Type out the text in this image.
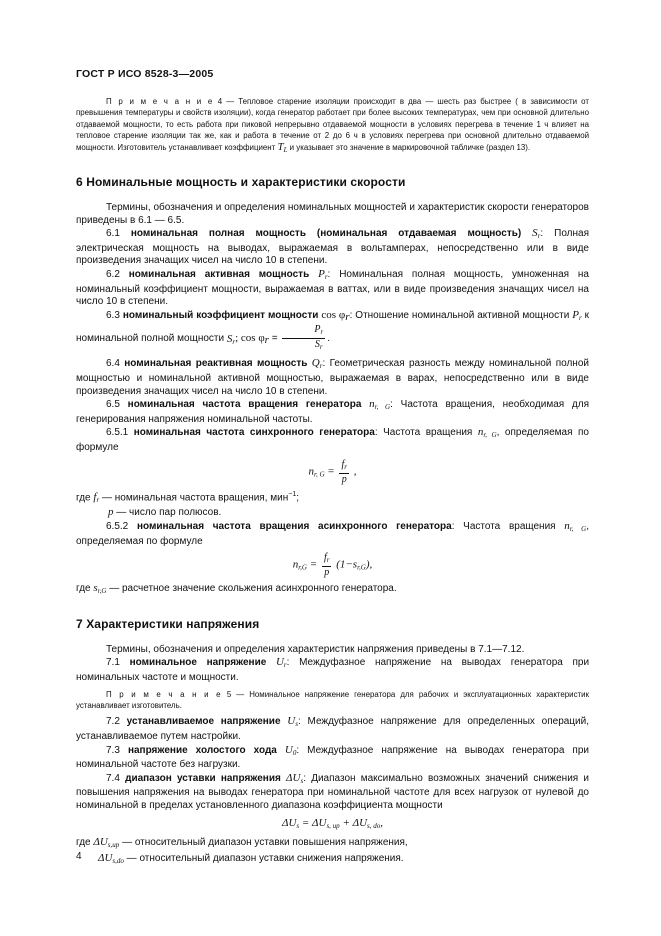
ГОСТ Р ИСО 8528-3—2005

П р и м е ч а н и е 4 — Тепловое старение изоляции происходит в два — шесть раз быстрее ( в зависимости от превышения температуры и свойств изоляции), когда генератор работает при более высоких температурах, чем при основной длительно отдаваемой мощности, то есть работа при пиковой непрерывно отдаваемой мощности в условиях перегрева в течение 1 ч влияет на тепловое старение изоляции так же, как и работа в течение от 2 до 6 ч в условиях перегрева при основной длительно отдаваемой мощности. Изготовитель устанавливает коэффициент $T_L$ и указывает это значение в маркировочной табличке (раздел 13).

6 Номинальные мощность и характеристики скорости

Термины, обозначения и определения номинальных мощностей и характеристик скорости генераторов приведены в 6.1 — 6.5.

6.1 номинальная полная мощность (номинальная отдаваемая мощность) $S_r$: Полная электрическая мощность на выводах, выражаемая в вольтамперах, непосредственно или в виде произведения значащих чисел на число 10 в степени.

6.2 номинальная активная мощность $P_r$: Номинальная полная мощность, умноженная на номинальный коэффициент мощности, выражаемая в ваттах, или в виде произведения значащих чисел на число 10 в степени.

6.3 номинальный коэффициент мощности $\cos \varphi_r$: Отношение номинальной активной мощности $P_r$ к номинальной полной мощности $S_r$; $\cos \varphi_r = \frac{P_r}{S_r}$ .

6.4 номинальная реактивная мощность $Q_r$: Геометрическая разность между номинальной полной мощностью и номинальной активной мощностью, выражаемая в варах, непосредственно или в виде произведения значащих чисел на число 10 в степени.

6.5 номинальная частота вращения генератора $n_{r, G}$: Частота вращения, необходимая для генерирования напряжения номинальной частоты.

6.5.1 номинальная частота синхронного генератора: Частота вращения $n_{r, G}$, определяемая по формуле

$n_{r, G} = \frac{f_r}{p}$ ,

где $f_r$ — номинальная частота вращения, мин$^{-1}$;

p — число пар полюсов.

6.5.2 номинальная частота вращения асинхронного генератора: Частота вращения $n_{r, G}$, определяемая по формуле

$n_{r,G} = \frac{f_r}{p} (1-s_{r,G})$,

где $s_{r,G}$ — расчетное значение скольжения асинхронного генератора.

7 Характеристики напряжения

Термины, обозначения и определения характеристик напряжения приведены в 7.1—7.12.

7.1 номинальное напряжение $U_r$: Междуфазное напряжение на выводах генератора при номинальных частоте и мощности.

П р и м е ч а н и е 5 — Номинальное напряжение генератора для рабочих и эксплуатационных характеристик устанавливает изготовитель.

7.2 устанавливаемое напряжение $U_s$: Междуфазное напряжение для определенных операций, устанавливаемое путем настройки.

7.3 напряжение холостого хода $U_0$: Междуфазное напряжение на выводах генератора при номинальной частоте без нагрузки.

7.4 диапазон уставки напряжения $\Delta U_s$: Диапазон максимально возможных значений снижения и повышения напряжения на выводах генератора при номинальной частоте для всех нагрузок от нулевой до номинальной в пределах установленного диапазона коэффициента мощности

$\Delta U_s = \Delta U_{s, up} + \Delta U_{s, do}$,

где $\Delta U_{s,up}$ — относительный диапазон уставки повышения напряжения,

$\Delta U_{s,do}$ — относительный диапазон уставки снижения напряжения.

4
